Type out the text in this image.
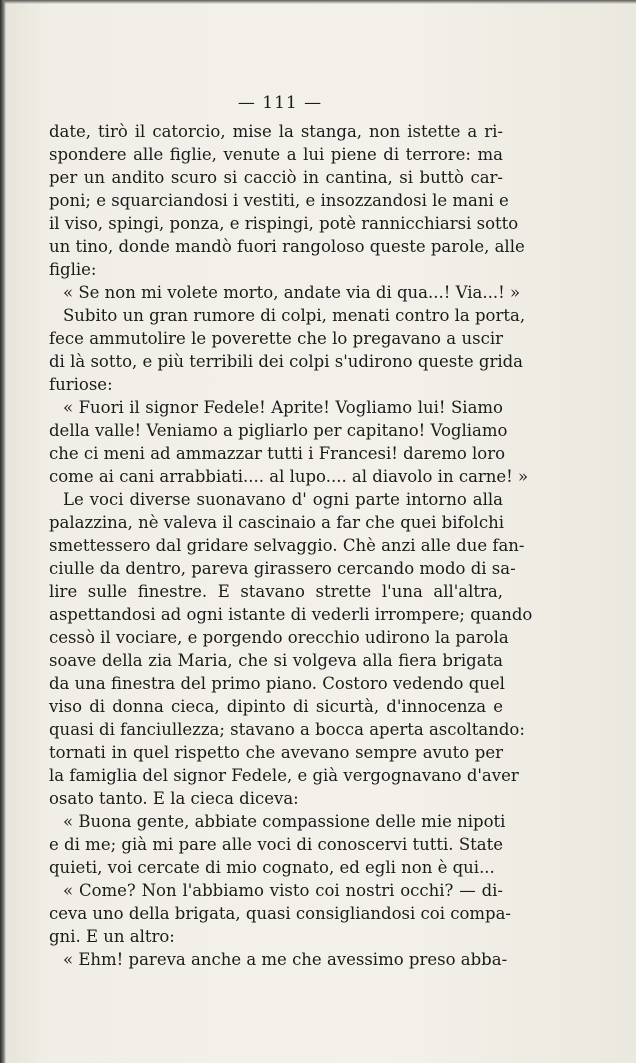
— 111 —
date, tirò il catorcio, mise la stanga, non istette a ri-
spondere alle figlie, venute a lui piene di terrore: ma
per un andito scuro si cacciò in cantina, si buttò car-
poni; e squarciandosi i vestiti, e insozzandosi le mani e
il viso, spingi, ponza, e rispingi, potè rannicchiarsi sotto
un tino, donde mandò fuori rangoloso queste parole, alle
figlie:
« Se non mi volete morto, andate via di qua...! Via...! »
Subito un gran rumore di colpi, menati contro la porta,
fece ammutolire le poverette che lo pregavano a uscir
di là sotto, e più terribili dei colpi s'udirono queste grida
furiose:
« Fuori il signor Fedele! Aprite! Vogliamo lui! Siamo
della valle! Veniamo a pigliarlo per capitano! Vogliamo
che ci meni ad ammazzar tutti i Francesi! daremo loro
come ai cani arrabbiati.... al lupo.... al diavolo in carne! »
Le voci diverse suonavano d' ogni parte intorno alla
palazzina, nè valeva il cascinaio a far che quei bifolchi
smettessero dal gridare selvaggio. Chè anzi alle due fan-
ciulle da dentro, pareva girassero cercando modo di sa-
lire sulle finestre. E stavano strette l'una all'altra,
aspettandosi ad ogni istante di vederli irrompere; quando
cessò il vociare, e porgendo orecchio udirono la parola
soave della zia Maria, che si volgeva alla fiera brigata
da una finestra del primo piano. Costoro vedendo quel
viso di donna cieca, dipinto di sicurtà, d'innocenza e
quasi di fanciullezza; stavano a bocca aperta ascoltando:
tornati in quel rispetto che avevano sempre avuto per
la famiglia del signor Fedele, e già vergognavano d'aver
osato tanto. E la cieca diceva:
« Buona gente, abbiate compassione delle mie nipoti
e di me; già mi pare alle voci di conoscervi tutti. State
quieti, voi cercate di mio cognato, ed egli non è qui...
« Come? Non l'abbiamo visto coi nostri occhi? — di-
ceva uno della brigata, quasi consigliandosi coi compa-
gni. E un altro:
« Ehm! pareva anche a me che avessimo preso abba-
